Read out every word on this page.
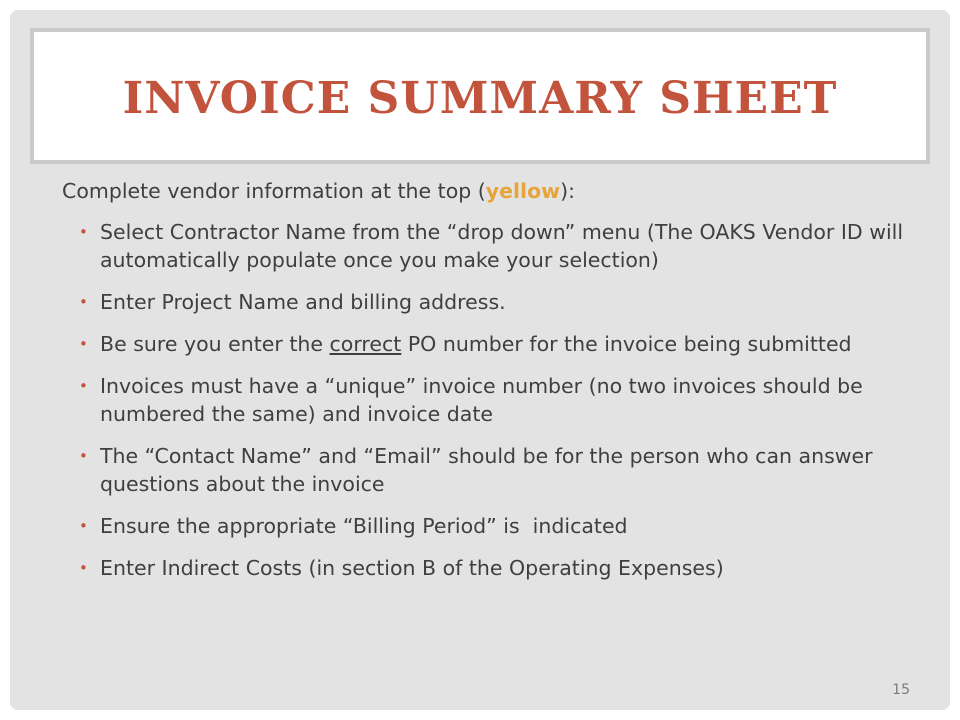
INVOICE SUMMARY SHEET

Complete vendor information at the top (yellow):

• Select Contractor Name from the “drop down” menu (The OAKS Vendor ID will automatically populate once you make your selection)
• Enter Project Name and billing address.
• Be sure you enter the correct PO number for the invoice being submitted
• Invoices must have a “unique” invoice number (no two invoices should be numbered the same) and invoice date
• The “Contact Name” and “Email” should be for the person who can answer questions about the invoice
• Ensure the appropriate “Billing Period” is  indicated
• Enter Indirect Costs (in section B of the Operating Expenses)
15
